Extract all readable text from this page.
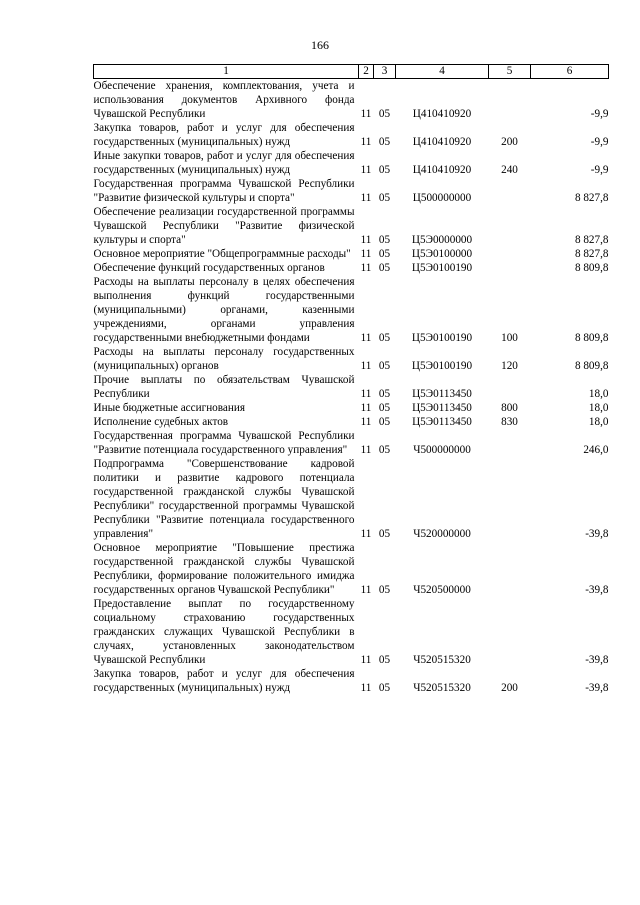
166
1	2	3	4	5	6
Обеспечение хранения, комплектования, учета и использования документов Архивного фонда Чувашской Республики	11	05	Ц410410920		-9,9
Закупка товаров, работ и услуг для обеспечения государственных (муниципальных) нужд	11	05	Ц410410920	200	-9,9
Иные закупки товаров, работ и услуг для обеспечения государственных (муниципальных) нужд	11	05	Ц410410920	240	-9,9
Государственная программа Чувашской Республики "Развитие физической культуры и спорта"	11	05	Ц500000000		8 827,8
Обеспечение реализации государственной программы Чувашской Республики "Развитие физической культуры и спорта"	11	05	Ц5Э0000000		8 827,8
Основное мероприятие "Общепрограммные расходы"	11	05	Ц5Э0100000		8 827,8
Обеспечение функций государственных органов	11	05	Ц5Э0100190		8 809,8
Расходы на выплаты персоналу в целях обеспечения выполнения функций государственными (муниципальными) органами, казенными учреждениями, органами управления государственными внебюджетными фондами	11	05	Ц5Э0100190	100	8 809,8
Расходы на выплаты персоналу государственных (муниципальных) органов	11	05	Ц5Э0100190	120	8 809,8
Прочие выплаты по обязательствам Чувашской Республики	11	05	Ц5Э0113450		18,0
Иные бюджетные ассигнования	11	05	Ц5Э0113450	800	18,0
Исполнение судебных актов	11	05	Ц5Э0113450	830	18,0
Государственная программа Чувашской Республики "Развитие потенциала государственного управления"	11	05	Ч500000000		246,0
Подпрограмма "Совершенствование кадровой политики и развитие кадрового потенциала государственной гражданской службы Чувашской Республики" государственной программы Чувашской Республики "Развитие потенциала государственного управления"	11	05	Ч520000000		-39,8
Основное мероприятие "Повышение престижа государственной гражданской службы Чувашской Республики, формирование положительного имиджа государственных органов Чувашской Республики"	11	05	Ч520500000		-39,8
Предоставление выплат по государственному социальному страхованию государственных гражданских служащих Чувашской Республики в случаях, установленных законодательством Чувашской Республики	11	05	Ч520515320		-39,8
Закупка товаров, работ и услуг для обеспечения государственных (муниципальных) нужд	11	05	Ч520515320	200	-39,8
